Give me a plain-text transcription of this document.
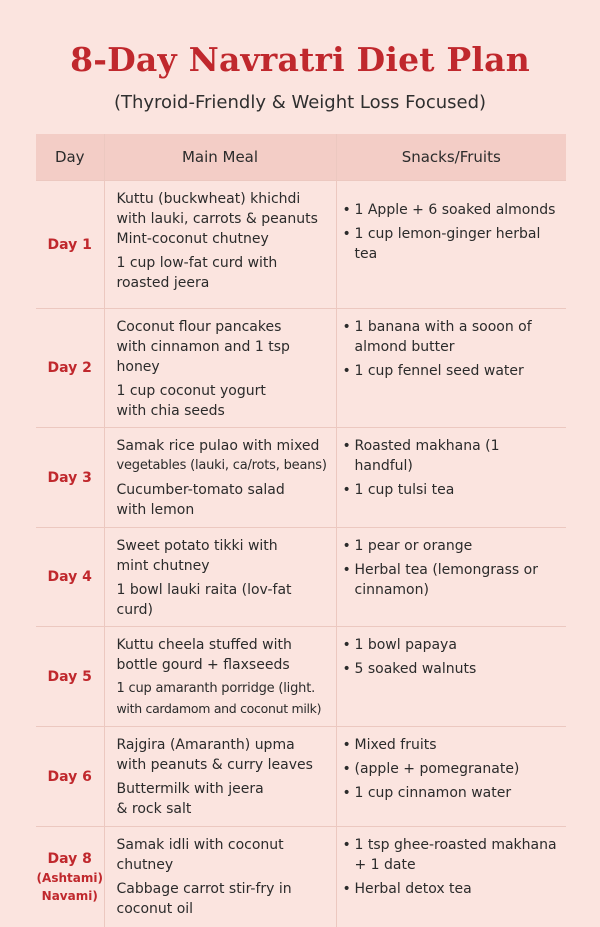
8-Day Navratri Diet Plan
(Thyroid-Friendly & Weight Loss Focused)
Day	Main Meal	Snacks/Fruits
Day 1	Kuttu (buckwheat) khichdi
with lauki, carrots & peanuts
Mint-coconut chutney
1 cup low-fat curd with
roasted jeera	• 1 Apple + 6 soaked almonds
• 1 cup lemon-ginger herbal tea

Day 2	Coconut flour pancakes
with cinnamon and 1 tsp honey
1 cup coconut yogurt
with chia seeds	• 1 banana with a sooon of almond butter
• 1 cup fennel seed water

Day 3	Samak rice pulao with mixed
vegetables (lauki, ca/rots, beans)
Cucumber-tomato salad
with lemon	• Roasted makhana (1 handful)
• 1 cup tulsi tea

Day 4	Sweet potato tikki with
mint chutney
1 bowl lauki raita (lov-fat curd)	• 1 pear or orange
• Herbal tea (lemongrass or cinnamon)

Day 5	Kuttu cheela stuffed with
bottle gourd + flaxseeds
1 cup amaranth porridge (light.
with cardamom and coconut milk)	• 1 bowl papaya
• 5 soaked walnuts

Day 6	Rajgira (Amaranth) upma
with peanuts & curry leaves
Buttermilk with jeera
& rock salt	• Mixed fruits
• (apple + pomegranate)
• 1 cup cinnamon water

Day 8
(Ashtami)
Navami)	Samak idli with coconut
chutney
Cabbage carrot stir-fry in
coconut oil	• 1 tsp ghee-roasted makhana + 1 date
• Herbal detox tea
